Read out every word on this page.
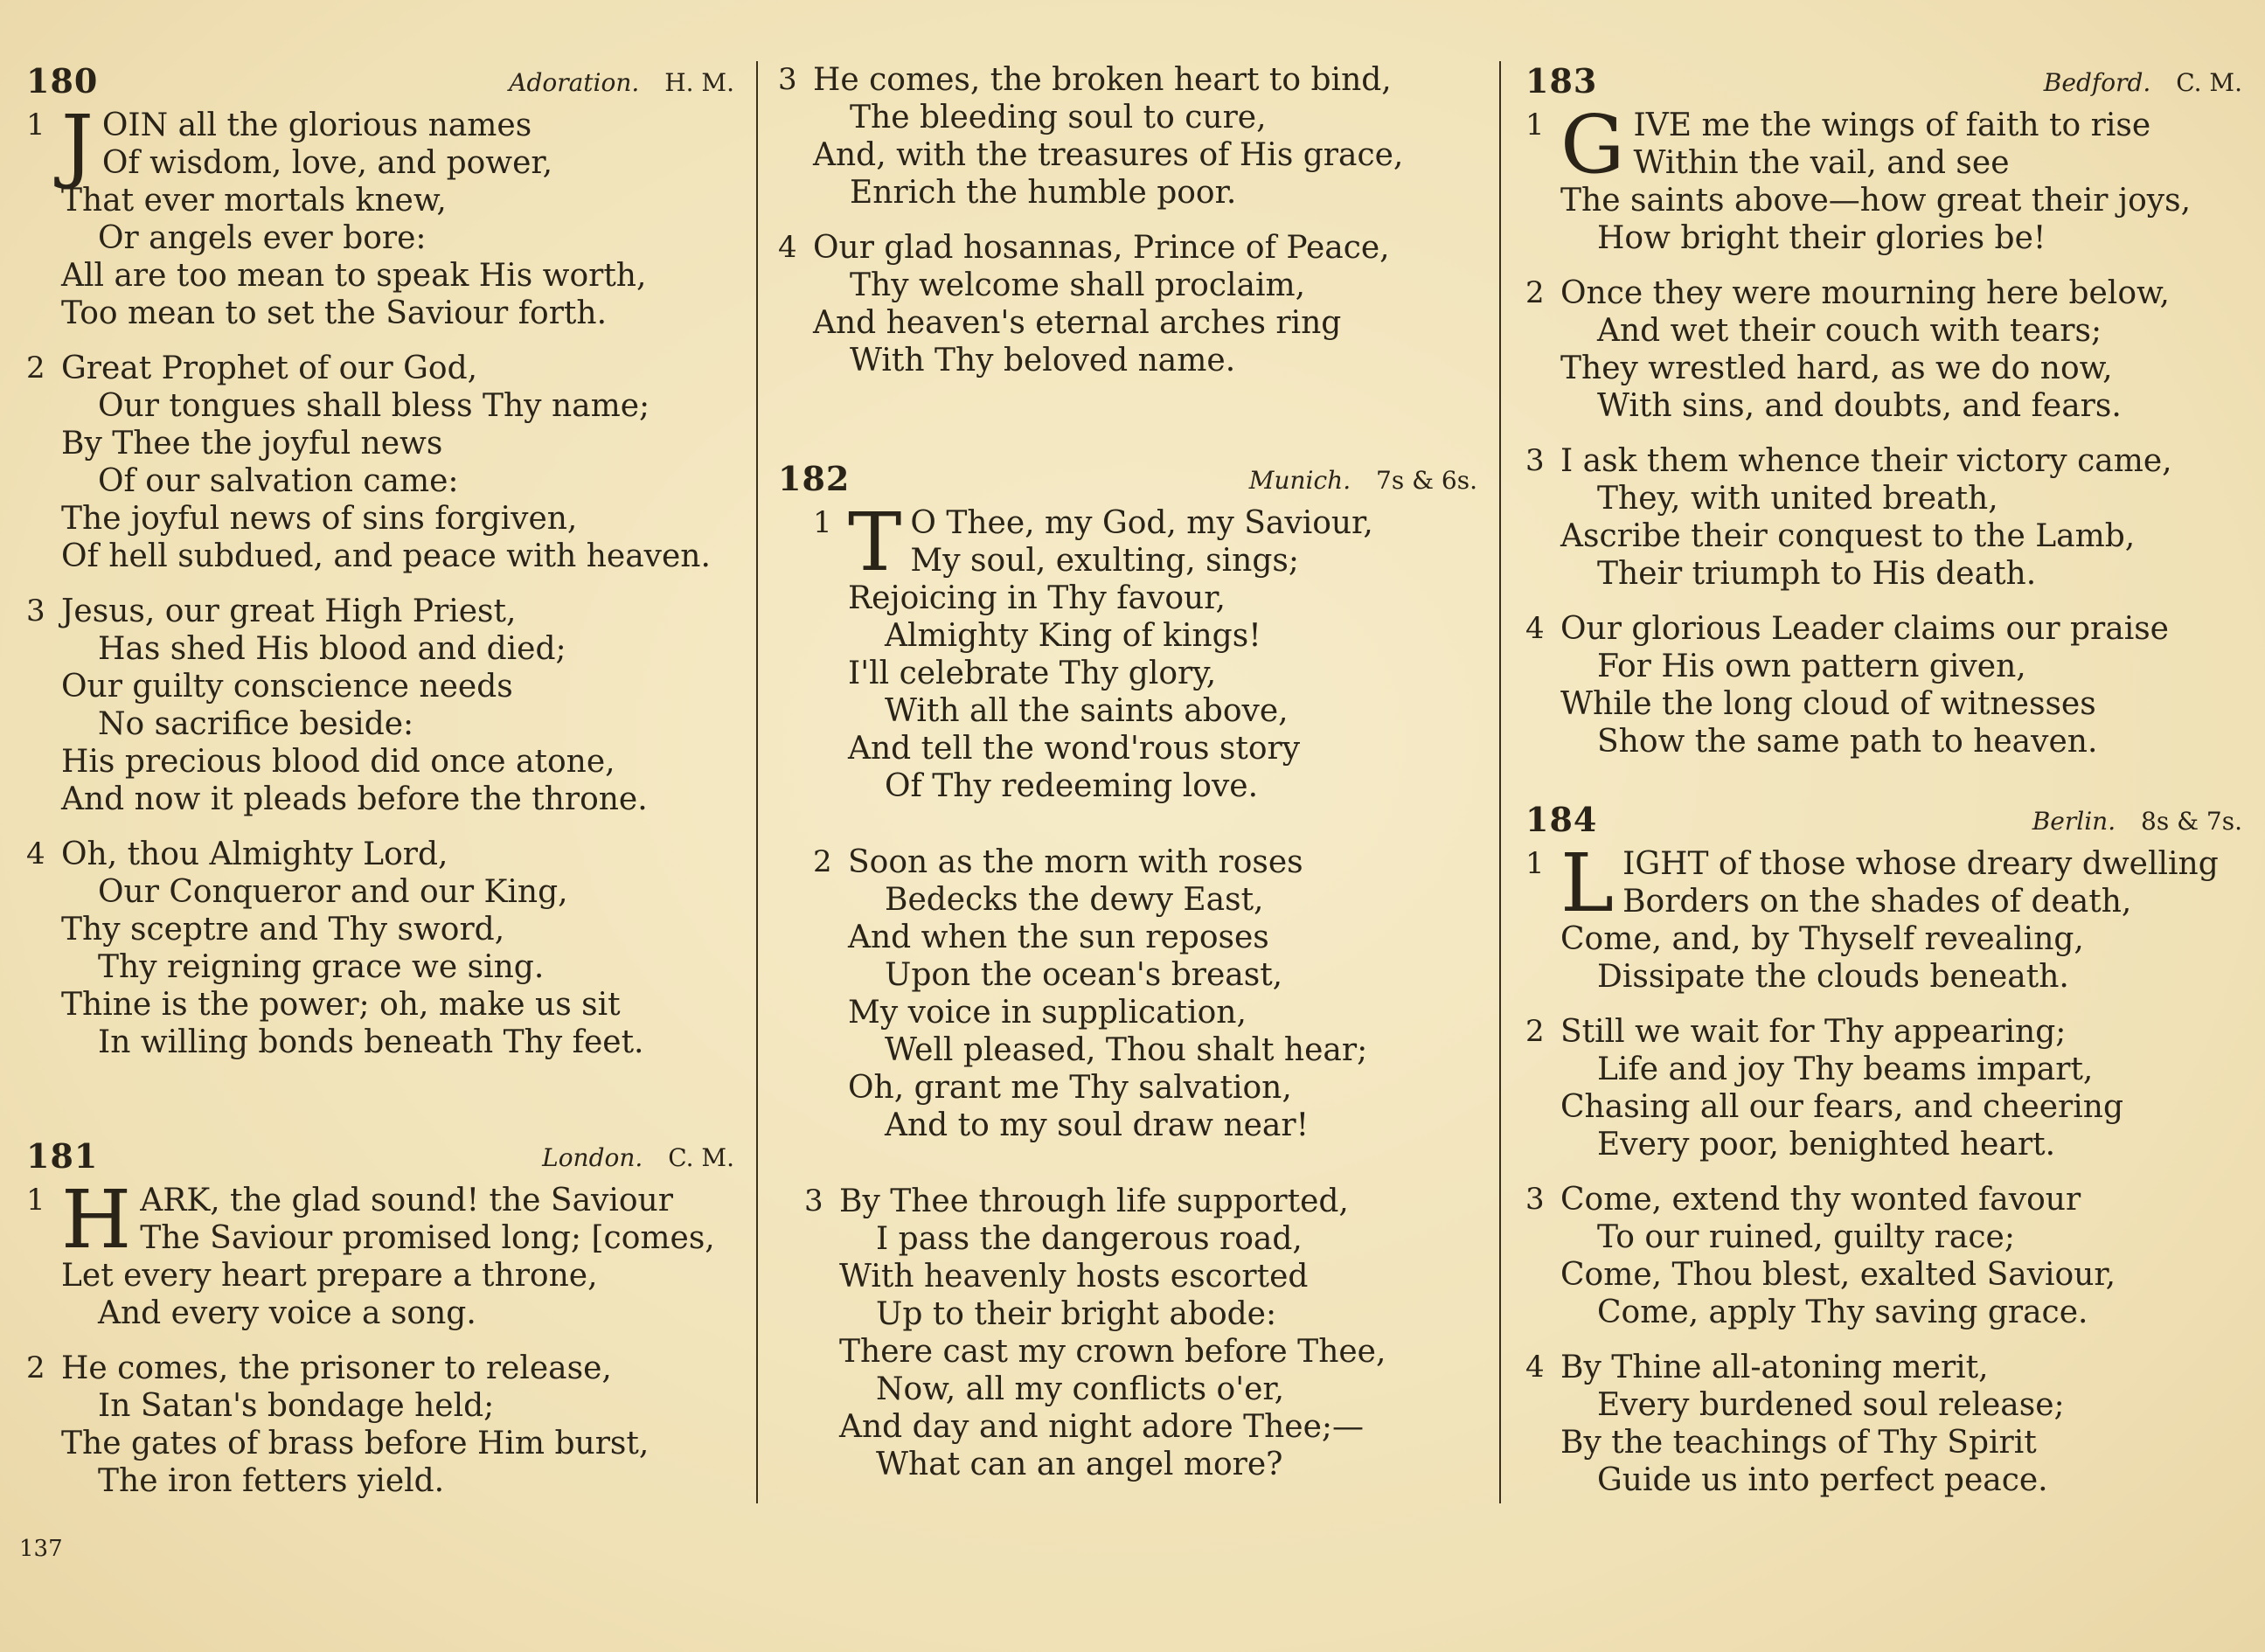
180	Adoration. H. M.
1 J OIN all the glorious names
Of wisdom, love, and power,
That ever mortals knew,
Or angels ever bore:
All are too mean to speak His worth,
Too mean to set the Saviour forth.
2 Great Prophet of our God,
Our tongues shall bless Thy name;
By Thee the joyful news
Of our salvation came:
The joyful news of sins forgiven,
Of hell subdued, and peace with heaven.
3 Jesus, our great High Priest,
Has shed His blood and died;
Our guilty conscience needs
No sacrifice beside:
His precious blood did once atone,
And now it pleads before the throne.
4 Oh, thou Almighty Lord,
Our Conqueror and our King,
Thy sceptre and Thy sword,
Thy reigning grace we sing.
Thine is the power; oh, make us sit
In willing bonds beneath Thy feet.
181	London. C. M.
1 H ARK, the glad sound! the Saviour
The Saviour promised long; [comes,
Let every heart prepare a throne,
And every voice a song.
2 He comes, the prisoner to release,
In Satan's bondage held;
The gates of brass before Him burst,
The iron fetters yield.
137
3 He comes, the broken heart to bind,
The bleeding soul to cure,
And, with the treasures of His grace,
Enrich the humble poor.
4 Our glad hosannas, Prince of Peace,
Thy welcome shall proclaim,
And heaven's eternal arches ring
With Thy beloved name.
182	Munich. 7s & 6s.
1 T O Thee, my God, my Saviour,
My soul, exulting, sings;
Rejoicing in Thy favour,
Almighty King of kings!
I'll celebrate Thy glory,
With all the saints above,
And tell the wond'rous story
Of Thy redeeming love.
2 Soon as the morn with roses
Bedecks the dewy East,
And when the sun reposes
Upon the ocean's breast,
My voice in supplication,
Well pleased, Thou shalt hear;
Oh, grant me Thy salvation,
And to my soul draw near!
3 By Thee through life supported,
I pass the dangerous road,
With heavenly hosts escorted
Up to their bright abode:
There cast my crown before Thee,
Now, all my conflicts o'er,
And day and night adore Thee;—
What can an angel more?
183	Bedford. C. M.
1 G IVE me the wings of faith to rise
Within the vail, and see
The saints above—how great their joys,
How bright their glories be!
2 Once they were mourning here below,
And wet their couch with tears;
They wrestled hard, as we do now,
With sins, and doubts, and fears.
3 I ask them whence their victory came,
They, with united breath,
Ascribe their conquest to the Lamb,
Their triumph to His death.
4 Our glorious Leader claims our praise
For His own pattern given,
While the long cloud of witnesses
Show the same path to heaven.
184	Berlin. 8s & 7s.
1 L IGHT of those whose dreary dwelling
Borders on the shades of death,
Come, and, by Thyself revealing,
Dissipate the clouds beneath.
2 Still we wait for Thy appearing;
Life and joy Thy beams impart,
Chasing all our fears, and cheering
Every poor, benighted heart.
3 Come, extend thy wonted favour
To our ruined, guilty race;
Come, Thou blest, exalted Saviour,
Come, apply Thy saving grace.
4 By Thine all-atoning merit,
Every burdened soul release;
By the teachings of Thy Spirit
Guide us into perfect peace.
